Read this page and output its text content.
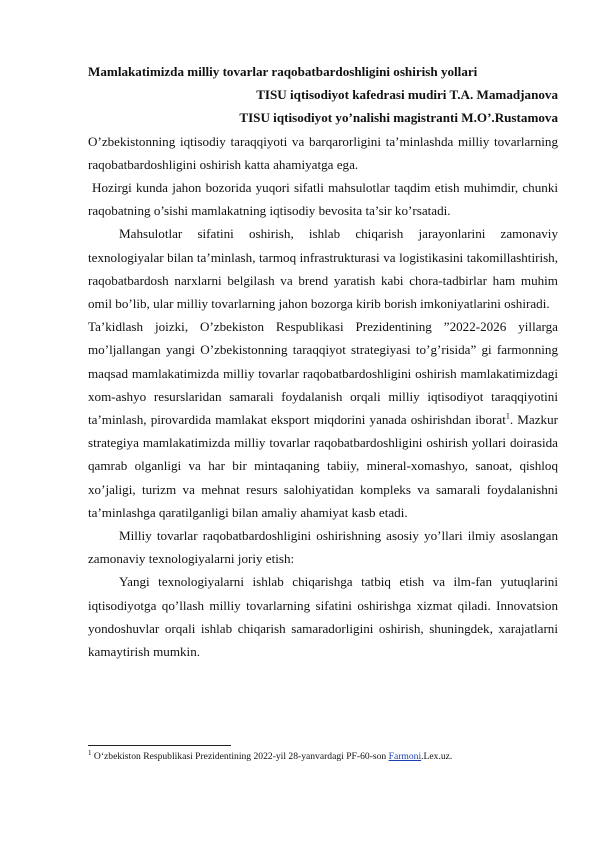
Mamlakatimizda milliy tovarlar raqobatbardoshligini oshirish yollari

TISU iqtisodiyot kafedrasi mudiri T.A. Mamadjanova

TISU iqtisodiyot yo’nalishi magistranti M.O’.Rustamova

O’zbekistonning iqtisodiy taraqqiyoti va barqarorligini ta’minlashda milliy tovarlarning raqobatbardoshligini oshirish katta ahamiyatga ega.

Hozirgi kunda jahon bozorida yuqori sifatli mahsulotlar taqdim etish muhimdir, chunki raqobatning o’sishi mamlakatning iqtisodiy bevosita ta’sir ko’rsatadi.

Mahsulotlar sifatini oshirish, ishlab chiqarish jarayonlarini zamonaviy texnologiyalar bilan ta’minlash, tarmoq infrastrukturasi va logistikasini takomillashtirish, raqobatbardosh narxlarni belgilash va brend yaratish kabi chora-tadbirlar ham muhim omil bo’lib, ular milliy tovarlarning jahon bozorga kirib borish imkoniyatlarini oshiradi.

Ta’kidlash joizki, O’zbekiston Respublikasi Prezidentining ”2022-2026 yillarga mo’ljallangan yangi O’zbekistonning taraqqiyot strategiyasi to’g’risida” gi farmonning maqsad mamlakatimizda milliy tovarlar raqobatbardoshligini oshirish mamlakatimizdagi xom-ashyo resurslaridan samarali foydalanish orqali milliy iqtisodiyot taraqqiyotini ta’minlash, pirovardida mamlakat eksport miqdorini yanada oshirishdan iborat$^1$. Mazkur strategiya mamlakatimizda milliy tovarlar raqobatbardoshligini oshirish yollari doirasida qamrab olganligi va har bir mintaqaning tabiiy, mineral-xomashyo, sanoat, qishloq xo’jaligi, turizm va mehnat resurs salohiyatidan kompleks va samarali foydalanishni ta’minlashga qaratilganligi bilan amaliy ahamiyat kasb etadi.

Milliy tovarlar raqobatbardoshligini oshirishning asosiy yo’llari ilmiy asoslangan zamonaviy texnologiyalarni joriy etish:

Yangi texnologiyalarni ishlab chiqarishga tatbiq etish va ilm-fan yutuqlarini iqtisodiyotga qo’llash milliy tovarlarning sifatini oshirishga xizmat qiladi. Innovatsion yondoshuvlar orqali ishlab chiqarish samaradorligini oshirish, shuningdek, xarajatlarni kamaytirish mumkin.

$^1$ O‘zbekiston Respublikasi Prezidentining 2022-yil 28-yanvardagi PF-60-son Farmoni.Lex.uz.
